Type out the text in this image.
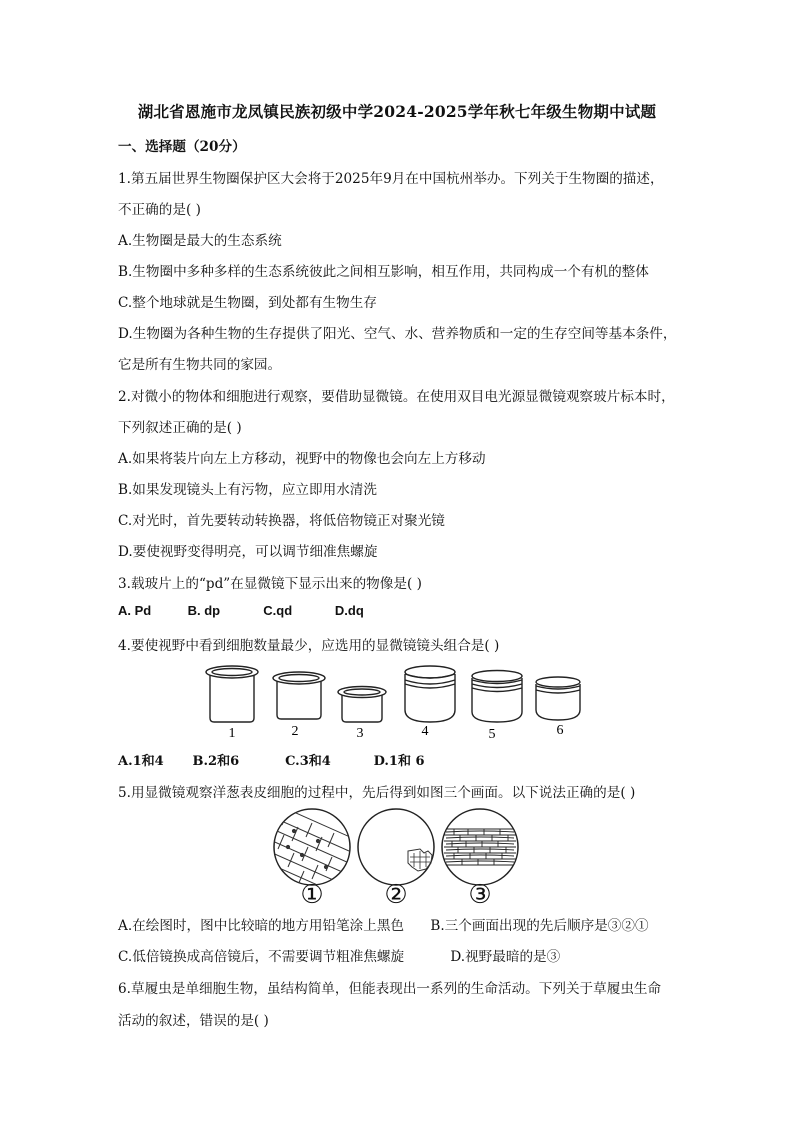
湖北省恩施市龙凤镇民族初级中学2024-2025学年秋七年级生物期中试题
一、选择题（20分）
1.第五届世界生物圈保护区大会将于2025年9月在中国杭州举办。下列关于生物圈的描述，
不正确的是( )
A.生物圈是最大的生态系统
B.生物圈中多种多样的生态系统彼此之间相互影响，相互作用，共同构成一个有机的整体
C.整个地球就是生物圈，到处都有生物生存
D.生物圈为各种生物的生存提供了阳光、空气、水、营养物质和一定的生存空间等基本条件，
它是所有生物共同的家园。
2.对微小的物体和细胞进行观察，要借助显微镜。在使用双目电光源显微镜观察玻片标本时，
下列叙述正确的是( )
A.如果将装片向左上方移动，视野中的物像也会向左上方移动
B.如果发现镜头上有污物，应立即用水清洗
C.对光时，首先要转动转换器，将低倍物镜正对聚光镜
D.要使视野变得明亮，可以调节细准焦螺旋
3.载玻片上的“pd”在显微镜下显示出来的物像是( )
A. Pd	B. dp	C.qd	D.dq
4.要使视野中看到细胞数量最少，应选用的显微镜镜头组合是( )
1	2	3	4	5	6
A.1和4 B.2和6	C.3和4	D.1和 6
5.用显微镜观察洋葱表皮细胞的过程中，先后得到如图三个画面。以下说法正确的是( )
① ② ③
A.在绘图时，图中比较暗的地方用铅笔涂上黑色 B.三个画面出现的先后顺序是③②①
C.低倍镜换成高倍镜后，不需要调节粗准焦螺旋	D.视野最暗的是③
6.草履虫是单细胞生物，虽结构简单，但能表现出一系列的生命活动。下列关于草履虫生命
活动的叙述，错误的是( )
